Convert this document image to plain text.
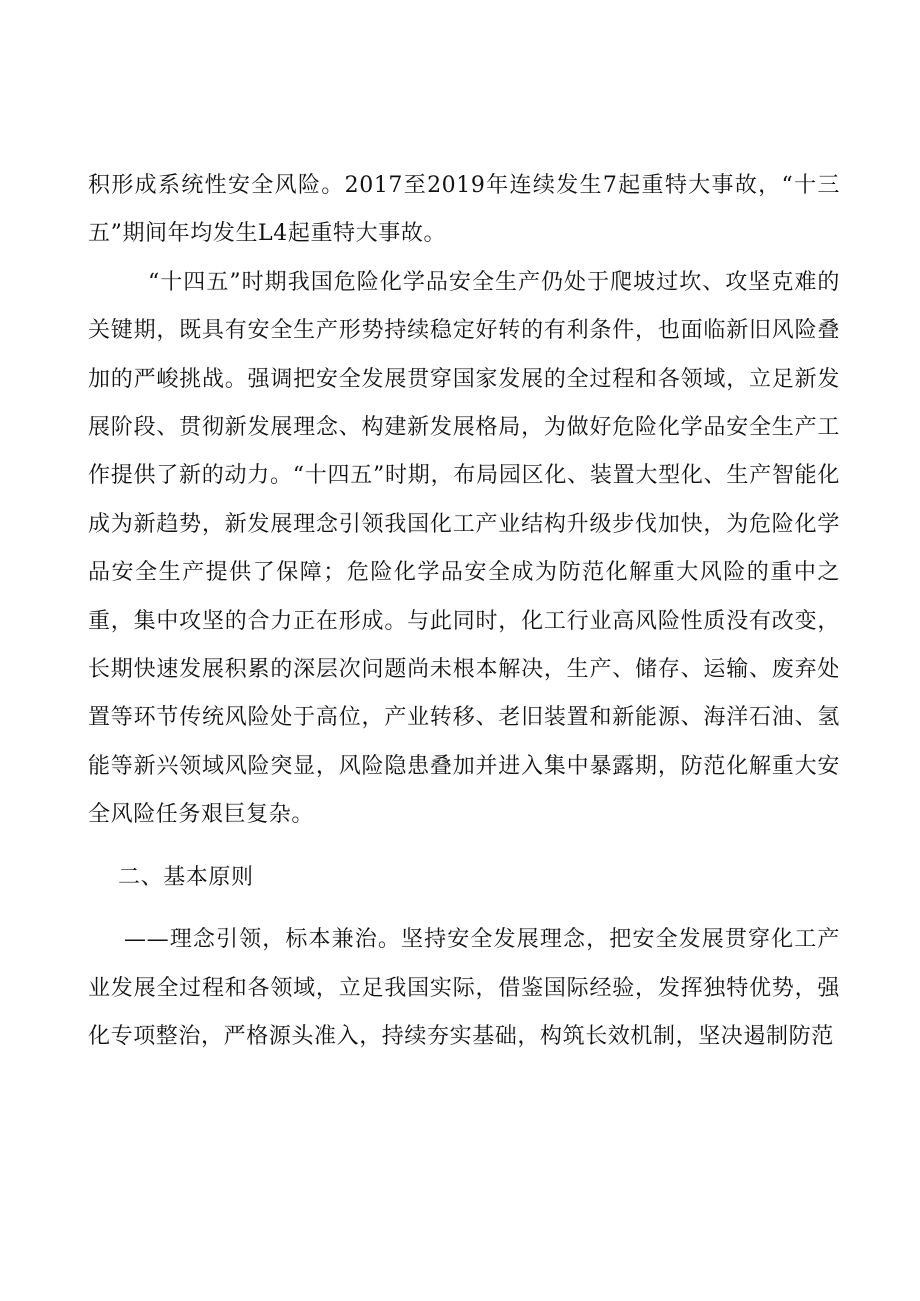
积形成系统性安全风险。2017至2019年连续发生7起重特大事故，“十三五”期间年均发生L4起重特大事故。

“十四五”时期我国危险化学品安全生产仍处于爬坡过坎、攻坚克难的关键期，既具有安全生产形势持续稳定好转的有利条件，也面临新旧风险叠加的严峻挑战。强调把安全发展贯穿国家发展的全过程和各领域，立足新发展阶段、贯彻新发展理念、构建新发展格局，为做好危险化学品安全生产工作提供了新的动力。“十四五”时期，布局园区化、装置大型化、生产智能化成为新趋势，新发展理念引领我国化工产业结构升级步伐加快，为危险化学品安全生产提供了保障；危险化学品安全成为防范化解重大风险的重中之重，集中攻坚的合力正在形成。与此同时，化工行业高风险性质没有改变，长期快速发展积累的深层次问题尚未根本解决，生产、储存、运输、废弃处置等环节传统风险处于高位，产业转移、老旧装置和新能源、海洋石油、氢能等新兴领域风险突显，风险隐患叠加并进入集中暴露期，防范化解重大安全风险任务艰巨复杂。

二、基本原则

——理念引领，标本兼治。坚持安全发展理念，把安全发展贯穿化工产业发展全过程和各领域，立足我国实际，借鉴国际经验，发挥独特优势，强化专项整治，严格源头准入，持续夯实基础，构筑长效机制，坚决遏制防范
